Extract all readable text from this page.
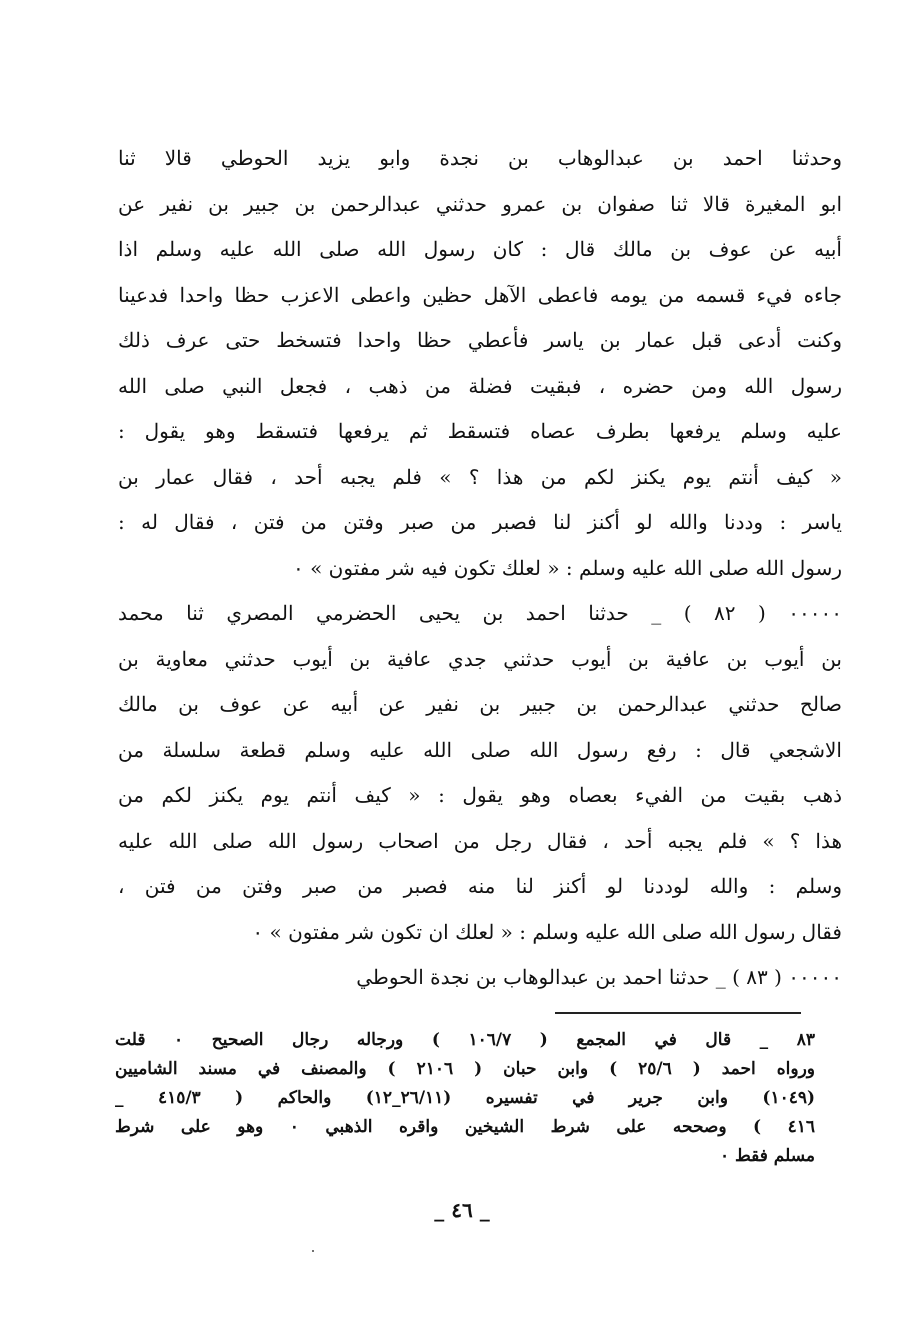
وحدثنا احمد بن عبدالوهاب بن نجدة وابو يزيد الحوطي قالا ثنا
ابو المغيرة قالا ثنا صفوان بن عمرو حدثني عبدالرحمن بن جبير بن نفير عن
أبيه عن عوف بن مالك قال : كان رسول الله صلى الله عليه وسلم اذا
جاءه فيء قسمه من يومه فاعطى الآهل حظين واعطى الاعزب حظا واحدا فدعينا
وكنت أدعى قبل عمار بن ياسر فأعطي حظا واحدا فتسخط حتى عرف ذلك
رسول الله ومن حضره ، فبقيت فضلة من ذهب ، فجعل النبي صلى الله
عليه وسلم يرفعها بطرف عصاه فتسقط ثم يرفعها فتسقط وهو يقول :
« كيف أنتم يوم يكنز لكم من هذا ؟ » فلم يجبه أحد ، فقال عمار بن
ياسر : وددنا والله لو أكنز لنا فصبر من صبر وفتن من فتن ، فقال له :
رسول الله صلى الله عليه وسلم : « لعلك تكون فيه شر مفتون » ٠
٠٠٠٠٠ ( ٨٢ ) _ حدثنا احمد بن يحيى الحضرمي المصري ثنا محمد
بن أيوب بن عافية بن أيوب حدثني جدي عافية بن أيوب حدثني معاوية بن
صالح حدثني عبدالرحمن بن جبير بن نفير عن أبيه عن عوف بن مالك
الاشجعي قال : رفع رسول الله صلى الله عليه وسلم قطعة سلسلة من
ذهب بقيت من الفيء بعصاه وهو يقول : « كيف أنتم يوم يكنز لكم من
هذا ؟ » فلم يجبه أحد ، فقال رجل من اصحاب رسول الله صلى الله عليه
وسلم : والله لوددنا لو أكنز لنا منه فصبر من صبر وفتن من فتن ،
فقال رسول الله صلى الله عليه وسلم : « لعلك ان تكون شر مفتون » ٠
٠٠٠٠٠ ( ٨٣ ) _ حدثنا احمد بن عبدالوهاب بن نجدة الحوطي
٨٣ _ قال في المجمع ( ١٠٦/٧ ) ورجاله رجال الصحيح ٠ قلت
ورواه احمد ( ٢٥/٦ ) وابن حبان ( ٢١٠٦ ) والمصنف في مسند الشاميين
(١٠٤٩) وابن جرير في تفسيره (٢٦/١١_١٢) والحاكم ( ٤١٥/٣ _
٤١٦ ) وصححه على شرط الشيخين واقره الذهبي ٠ وهو على شرط
مسلم فقط ٠
_ ٤٦ _
